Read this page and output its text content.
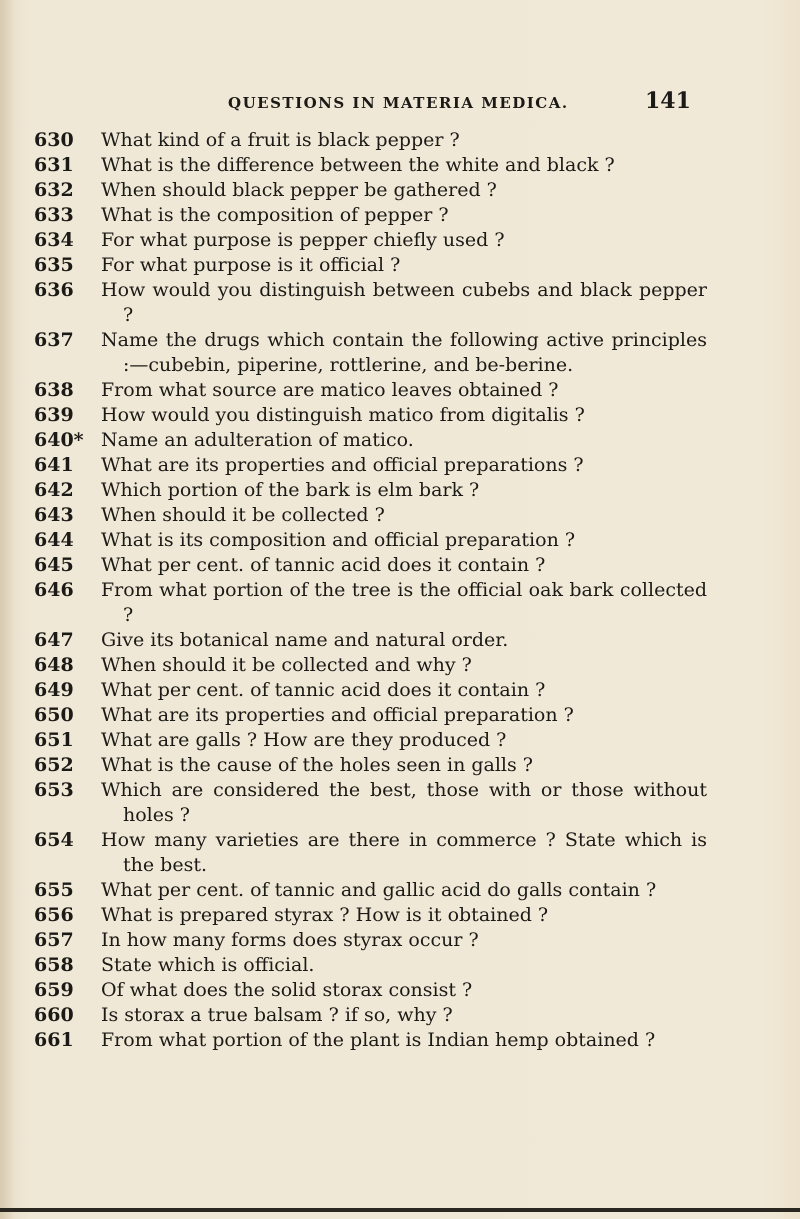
QUESTIONS IN MATERIA MEDICA.	141
630	What kind of a fruit is black pepper ?
631	What is the difference between the white and black ?
632	When should black pepper be gathered ?
633	What is the composition of pepper ?
634	For what purpose is pepper chiefly used ?
635	For what purpose is it official ?
636	How would you distinguish between cubebs and black pepper ?
637	Name the drugs which contain the following active principles :—cubebin, piperine, rottlerine, and be-berine.
638	From what source are matico leaves obtained ?
639	How would you distinguish matico from digitalis ?
640* Name an adulteration of matico.
641	What are its properties and official preparations ?
642	Which portion of the bark is elm bark ?
643	When should it be collected ?
644	What is its composition and official preparation ?
645	What per cent. of tannic acid does it contain ?
646	From what portion of the tree is the official oak bark collected ?
647	Give its botanical name and natural order.
648	When should it be collected and why ?
649	What per cent. of tannic acid does it contain ?
650	What are its properties and official preparation ?
651	What are galls ? How are they produced ?
652	What is the cause of the holes seen in galls ?
653	Which are considered the best, those with or those without holes ?
654	How many varieties are there in commerce ? State which is the best.
655	What per cent. of tannic and gallic acid do galls contain ?
656	What is prepared styrax ? How is it obtained ?
657	In how many forms does styrax occur ?
658	State which is official.
659	Of what does the solid storax consist ?
660	Is storax a true balsam ? if so, why ?
661	From what portion of the plant is Indian hemp obtained ?
